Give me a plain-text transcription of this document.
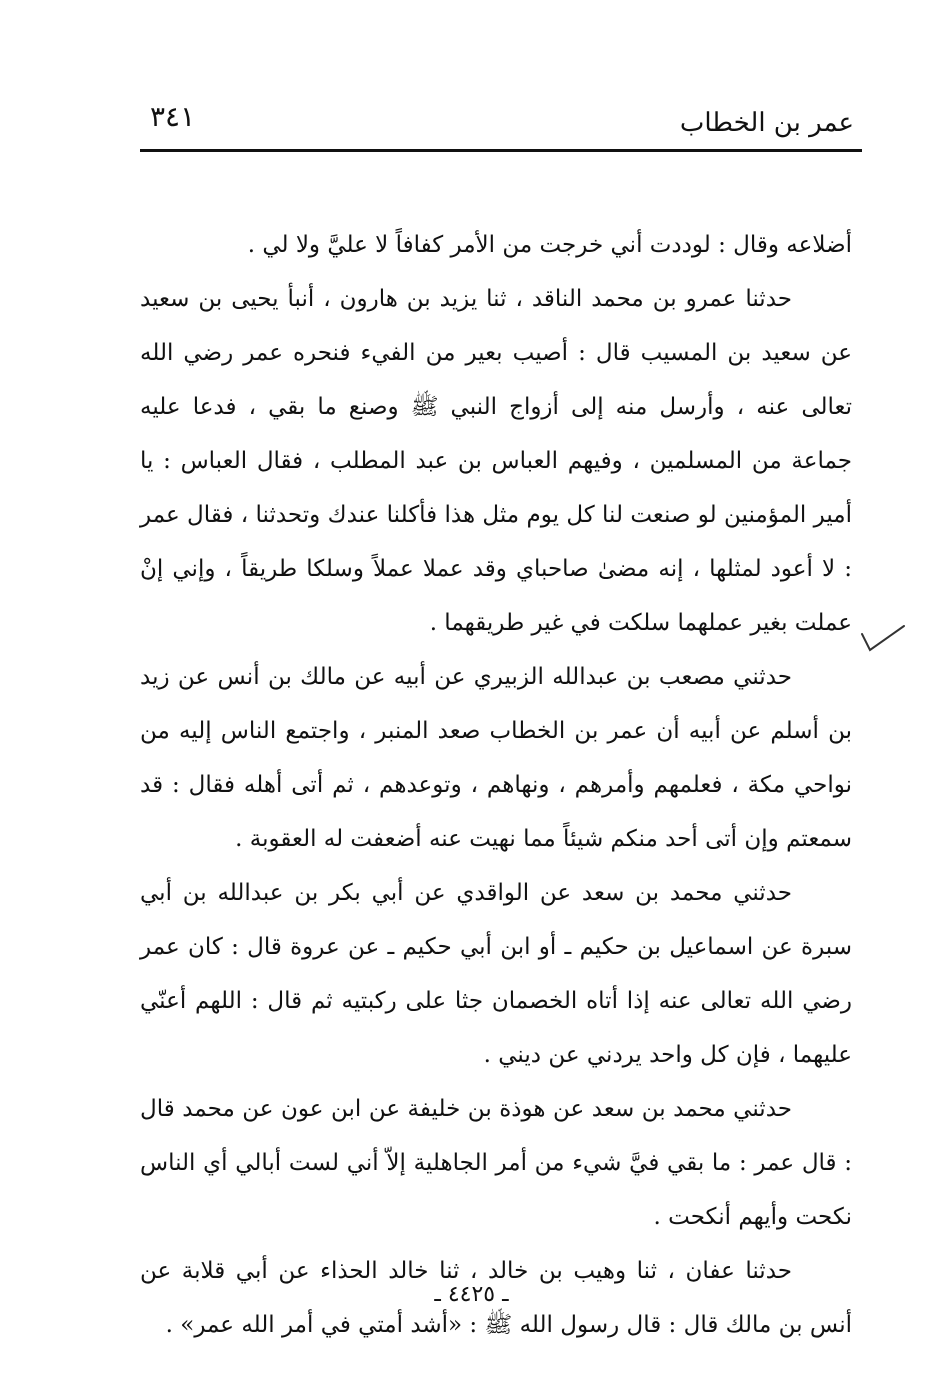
عمر بن الخطاب
٣٤١

أضلاعه وقال : لوددت أني خرجت من الأمر كفافاً لا عليَّ ولا لي .

حدثنا عمرو بن محمد الناقد ، ثنا يزيد بن هارون ، أنبأ يحيى بن سعيد عن سعيد بن المسيب قال : أصيب بعير من الفيء فنحره عمر رضي الله تعالى عنه ، وأرسل منه إلى أزواج النبي ﷺ وصنع ما بقي ، فدعا عليه جماعة من المسلمين ، وفيهم العباس بن عبد المطلب ، فقال العباس : يا أمير المؤمنين لو صنعت لنا كل يوم مثل هذا فأكلنا عندك وتحدثنا ، فقال عمر : لا أعود لمثلها ، إنه مضىٰ صاحباي وقد عملا عملاً وسلكا طريقاً ، وإني إنْ عملت بغير عملهما سلكت في غير طريقهما .

حدثني مصعب بن عبدالله الزبيري عن أبيه عن مالك بن أنس عن زيد بن أسلم عن أبيه أن عمر بن الخطاب صعد المنبر ، واجتمع الناس إليه من نواحي مكة ، فعلمهم وأمرهم ، ونهاهم ، وتوعدهم ، ثم أتى أهله فقال : قد سمعتم وإن أتى أحد منكم شيئاً مما نهيت عنه أضعفت له العقوبة .

حدثني محمد بن سعد عن الواقدي عن أبي بكر بن عبدالله بن أبي سبرة عن اسماعيل بن حكيم ـ أو ابن أبي حكيم ـ عن عروة قال : كان عمر رضي الله تعالى عنه إذا أتاه الخصمان جثا على ركبتيه ثم قال : اللهم أعنّي عليهما ، فإن كل واحد يردني عن ديني .

حدثني محمد بن سعد عن هوذة بن خليفة عن ابن عون عن محمد قال : قال عمر : ما بقي فيَّ شيء من أمر الجاهلية إلاّ أني لست أبالي أي الناس نكحت وأيهم أنكحت .

حدثنا عفان ، ثنا وهيب بن خالد ، ثنا خالد الحذاء عن أبي قلابة عن أنس بن مالك قال : قال رسول الله ﷺ : «أشد أمتي في أمر الله عمر» .

ـ ٤٤٢٥ ـ
